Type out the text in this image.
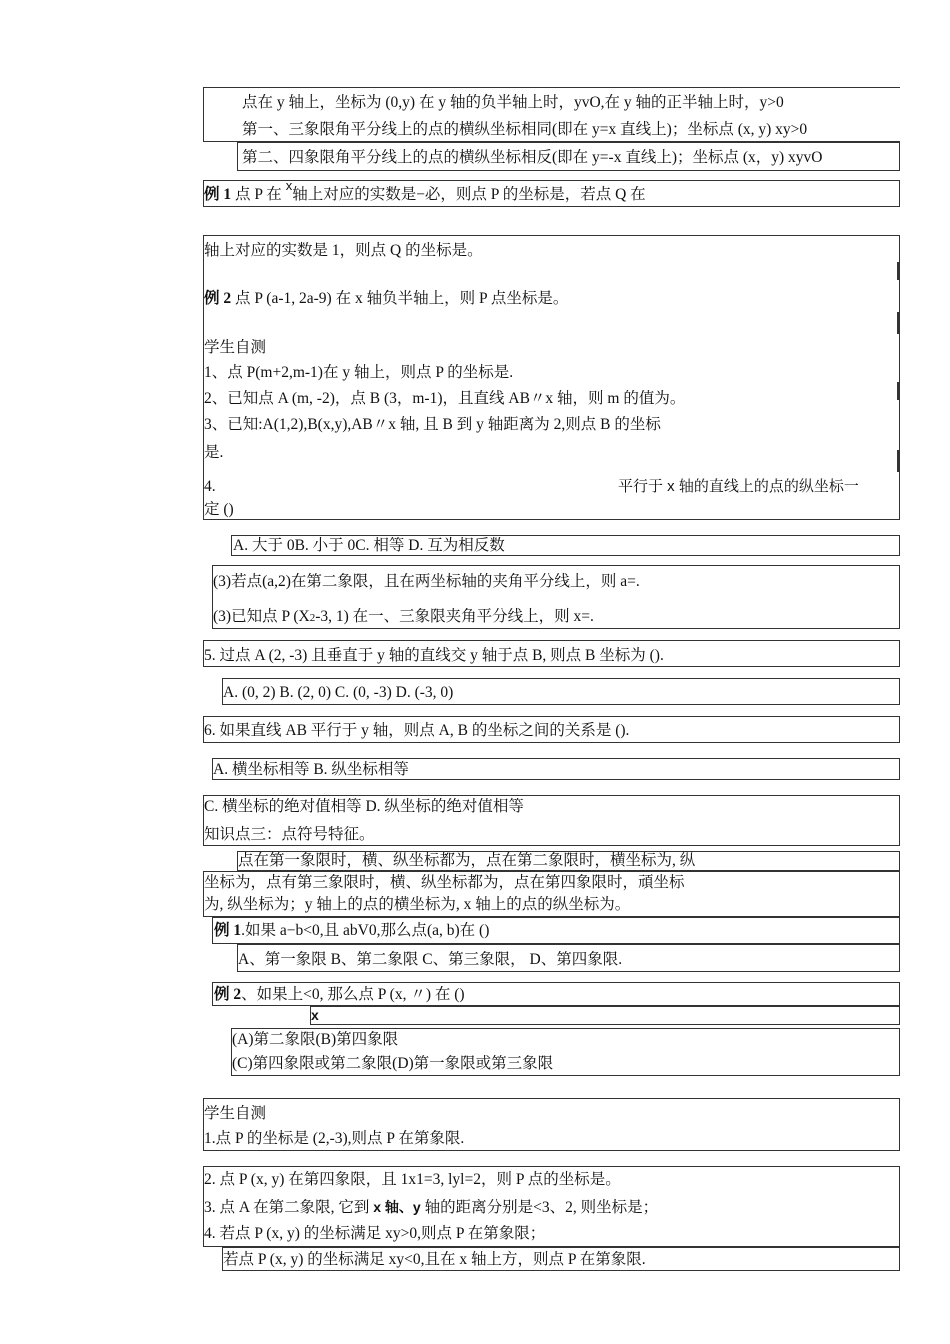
点在 y 轴上，坐标为 (0,y) 在 y 轴的负半轴上时，yvO,在 y 轴的正半轴上时，y>0
第一、三象限角平分线上的点的横纵坐标相同(即在 y=x 直线上)；坐标点 (x, y) xy>0
第二、四象限角平分线上的点的横纵坐标相反(即在 y=-x 直线上)；坐标点 (x，y) xyvO
例 1 点 P 在 $^x$轴上对应的实数是−必，则点 P 的坐标是，若点 Q 在
轴上对应的实数是 1，则点 Q 的坐标是。
例 2 点 P (a-1, 2a-9) 在 x 轴负半轴上，则 P 点坐标是。
学生自测
1、点 P(m+2,m-1)在 y 轴上，则点 P 的坐标是.
2、已知点 A (m, -2)，点 B (3，m-1)，且直线 AB〃x 轴，则 m 的值为。
3、已知:A(1,2),B(x,y),AB〃x 轴, 且 B 到 y 轴距离为 2,则点 B 的坐标
是.
4.	平行于 x 轴的直线上的点的纵坐标一
定 ()
A. 大于 0B. 小于 0C. 相等 D. 互为相反数
(3)若点(a,2)在第二象限，且在两坐标轴的夹角平分线上，则 a=.
(3)已知点 P (X2-3, 1) 在一、三象限夹角平分线上，则 x=.
5. 过点 A (2, -3) 且垂直于 y 轴的直线交 y 轴于点 B, 则点 B 坐标为 ().
A. (0, 2) B. (2, 0) C. (0, -3) D. (-3, 0)
6. 如果直线 AB 平行于 y 轴，则点 A, B 的坐标之间的关系是 ().
A. 横坐标相等 B. 纵坐标相等
C. 横坐标的绝对值相等 D. 纵坐标的绝对值相等
知识点三：点符号特征。
点在第一象限时，横、纵坐标都为，点在第二象限时，横坐标为, 纵
坐标为，点有第三象限时，横、纵坐标都为，点在第四象限时，頑坐标
为, 纵坐标为；y 轴上的点的横坐标为, x 轴上的点的纵坐标为。
例 1.如果 a−b<0,且 abV0,那么点(a, b)在 ()
A、第一象限 B、第二象限 C、第三象限， D、第四象限.
例 2、如果上<0, 那么点 P (x, 〃) 在 ()
x
(A)第二象限(B)第四象限
(C)第四象限或第二象限(D)第一象限或第三象限
学生自测
1.点 P 的坐标是 (2,-3),则点 P 在第象限.
2. 点 P (x, y) 在第四象限，且 1x1=3, lyl=2，则 P 点的坐标是。
3. 点 A 在第二象限, 它到 x 轴、y 轴的距离分别是<3、2, 则坐标是；
4. 若点 P (x, y) 的坐标满足 xy>0,则点 P 在第象限；
若点 P (x, y) 的坐标满足 xy<0,且在 x 轴上方，则点 P 在第象限.
